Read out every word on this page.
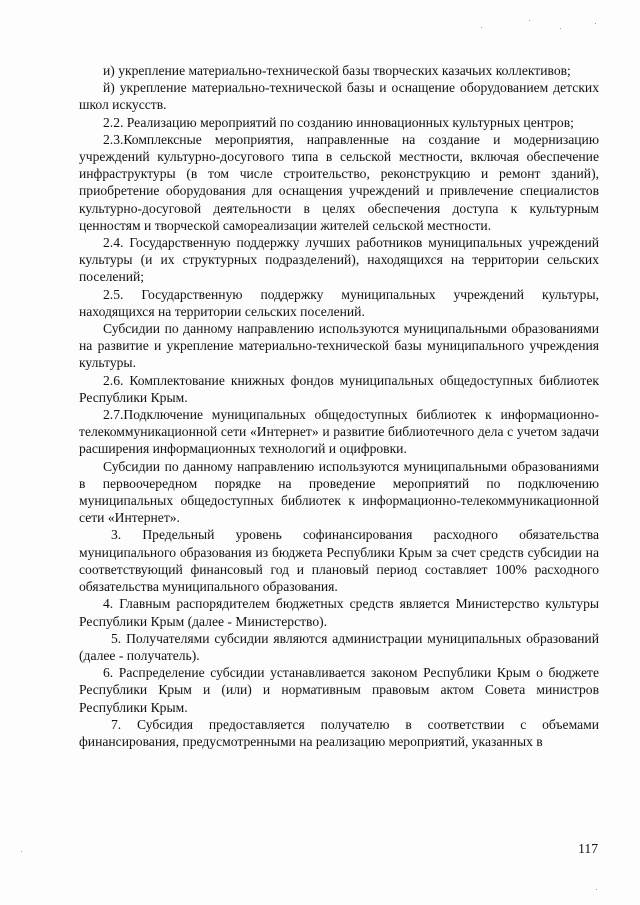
и) укрепление материально-технической базы творческих казачьих коллективов;

й) укрепление материально-технической базы и оснащение оборудованием детских школ искусств.

2.2. Реализацию мероприятий по созданию инновационных культурных центров;

2.3.Комплексные мероприятия, направленные на создание и модернизацию учреждений культурно-досугового типа в сельской местности, включая обеспечение инфраструктуры (в том числе строительство, реконструкцию и ремонт зданий), приобретение оборудования для оснащения учреждений и привлечение специалистов культурно-досуговой деятельности в целях обеспечения доступа к культурным ценностям и творческой самореализации жителей сельской местности.

2.4. Государственную поддержку лучших работников муниципальных учреждений культуры (и их структурных подразделений), находящихся на территории сельских поселений;

2.5. Государственную поддержку муниципальных учреждений культуры, находящихся на территории сельских поселений.

Субсидии по данному направлению используются муниципальными образованиями на развитие и укрепление материально-технической базы муниципального учреждения культуры.

2.6. Комплектование книжных фондов муниципальных общедоступных библиотек Республики Крым.

2.7.Подключение муниципальных общедоступных библиотек к информационно-телекоммуникационной сети «Интернет» и развитие библиотечного дела с учетом задачи расширения информационных технологий и оцифровки.

Субсидии по данному направлению используются муниципальными образованиями в первоочередном порядке на проведение мероприятий по подключению муниципальных общедоступных библиотек к информационно-телекоммуникационной сети «Интернет».

3. Предельный уровень софинансирования расходного обязательства муниципального образования из бюджета Республики Крым за счет средств субсидии на соответствующий финансовый год и плановый период составляет 100% расходного обязательства муниципального образования.

4. Главным распорядителем бюджетных средств является Министерство культуры Республики Крым (далее - Министерство).

5. Получателями субсидии являются администрации муниципальных образований (далее - получатель).

6. Распределение субсидии устанавливается законом Республики Крым о бюджете Республики Крым и (или) и нормативным правовым актом Совета министров Республики Крым.

7. Субсидия предоставляется получателю в соответствии с объемами финансирования, предусмотренными на реализацию мероприятий, указанных в

117
